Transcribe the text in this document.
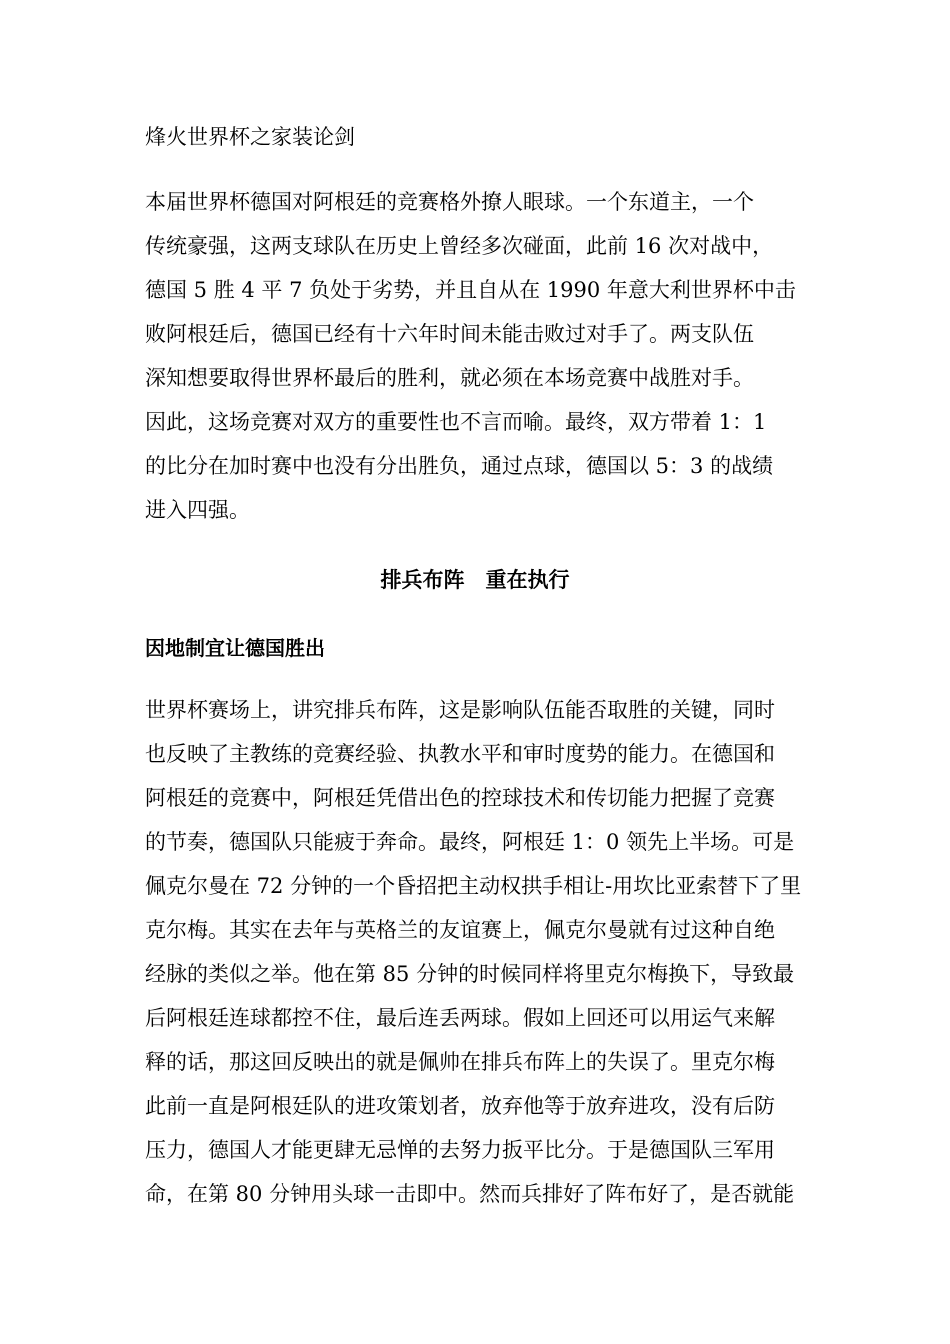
烽火世界杯之家装论剑
本届世界杯德国对阿根廷的竞赛格外撩人眼球。一个东道主，一个
传统豪强，这两支球队在历史上曾经多次碰面，此前 16 次对战中，
德国 5 胜 4 平 7 负处于劣势，并且自从在 1990 年意大利世界杯中击
败阿根廷后，德国已经有十六年时间未能击败过对手了。两支队伍
深知想要取得世界杯最后的胜利，就必须在本场竞赛中战胜对手。
因此，这场竞赛对双方的重要性也不言而喻。最终，双方带着 1：1
的比分在加时赛中也没有分出胜负，通过点球，德国以 5：3 的战绩
进入四强。
排兵布阵　重在执行
因地制宜让德国胜出
世界杯赛场上，讲究排兵布阵，这是影响队伍能否取胜的关键，同时
也反映了主教练的竞赛经验、执教水平和审时度势的能力。在德国和
阿根廷的竞赛中，阿根廷凭借出色的控球技术和传切能力把握了竞赛
的节奏，德国队只能疲于奔命。最终，阿根廷 1：0 领先上半场。可是
佩克尔曼在 72 分钟的一个昏招把主动权拱手相让-用坎比亚索替下了里
克尔梅。其实在去年与英格兰的友谊赛上，佩克尔曼就有过这种自绝
经脉的类似之举。他在第 85 分钟的时候同样将里克尔梅换下，导致最
后阿根廷连球都控不住，最后连丢两球。假如上回还可以用运气来解
释的话，那这回反映出的就是佩帅在排兵布阵上的失误了。里克尔梅
此前一直是阿根廷队的进攻策划者，放弃他等于放弃进攻，没有后防
压力，德国人才能更肆无忌惮的去努力扳平比分。于是德国队三军用
命，在第 80 分钟用头球一击即中。然而兵排好了阵布好了，是否就能
